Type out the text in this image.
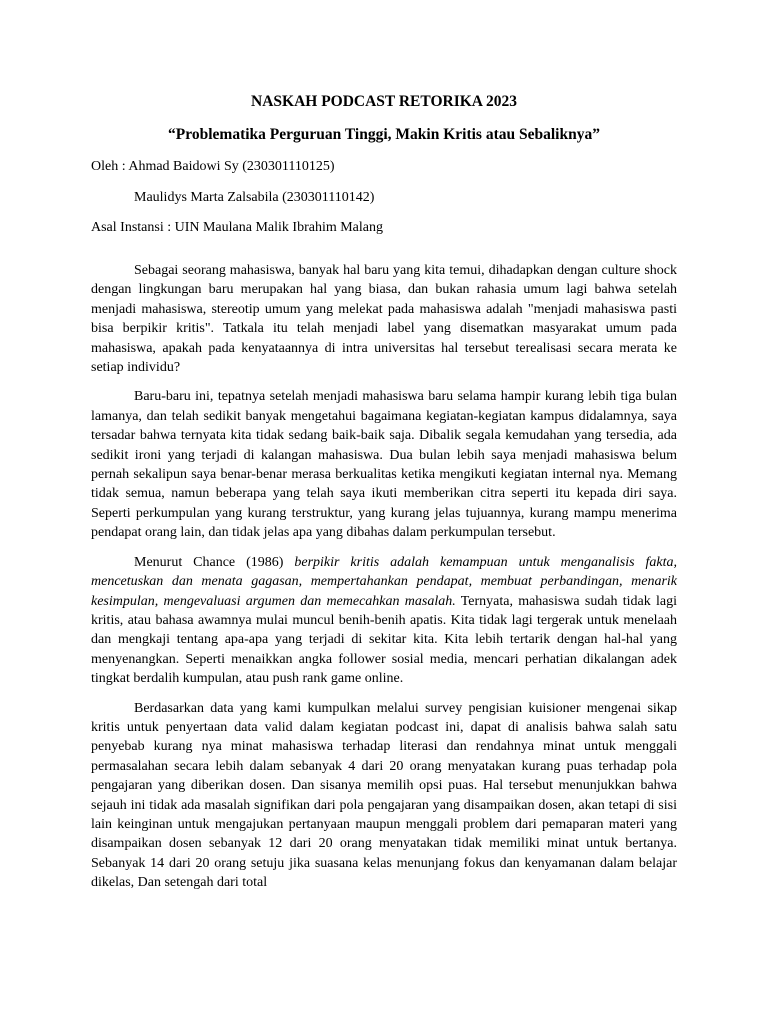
NASKAH PODCAST RETORIKA 2023
“Problematika Perguruan Tinggi, Makin Kritis atau Sebaliknya”
Oleh : Ahmad Baidowi Sy (230301110125)
Maulidys Marta Zalsabila (230301110142)
Asal Instansi : UIN Maulana Malik Ibrahim Malang

Sebagai seorang mahasiswa, banyak hal baru yang kita temui, dihadapkan dengan culture shock dengan lingkungan baru merupakan hal yang biasa, dan bukan rahasia umum lagi bahwa setelah menjadi mahasiswa, stereotip umum yang melekat pada mahasiswa adalah "menjadi mahasiswa pasti bisa berpikir kritis". Tatkala itu telah menjadi label yang disematkan masyarakat umum pada mahasiswa, apakah pada kenyataannya di intra universitas hal tersebut terealisasi secara merata ke setiap individu?

Baru-baru ini, tepatnya setelah menjadi mahasiswa baru selama hampir kurang lebih tiga bulan lamanya, dan telah sedikit banyak mengetahui bagaimana kegiatan-kegiatan kampus didalamnya, saya tersadar bahwa ternyata kita tidak sedang baik-baik saja. Dibalik segala kemudahan yang tersedia, ada sedikit ironi yang terjadi di kalangan mahasiswa. Dua bulan lebih saya menjadi mahasiswa belum pernah sekalipun saya benar-benar merasa berkualitas ketika mengikuti kegiatan internal nya. Memang tidak semua, namun beberapa yang telah saya ikuti memberikan citra seperti itu kepada diri saya. Seperti perkumpulan yang kurang terstruktur, yang kurang jelas tujuannya, kurang mampu menerima pendapat orang lain, dan tidak jelas apa yang dibahas dalam perkumpulan tersebut.

Menurut Chance (1986) berpikir kritis adalah kemampuan untuk menganalisis fakta, mencetuskan dan menata gagasan, mempertahankan pendapat, membuat perbandingan, menarik kesimpulan, mengevaluasi argumen dan memecahkan masalah. Ternyata, mahasiswa sudah tidak lagi kritis, atau bahasa awamnya mulai muncul benih-benih apatis. Kita tidak lagi tergerak untuk menelaah dan mengkaji tentang apa-apa yang terjadi di sekitar kita. Kita lebih tertarik dengan hal-hal yang menyenangkan. Seperti menaikkan angka follower sosial media, mencari perhatian dikalangan adek tingkat berdalih kumpulan, atau push rank game online.

Berdasarkan data yang kami kumpulkan melalui survey pengisian kuisioner mengenai sikap kritis untuk penyertaan data valid dalam kegiatan podcast ini, dapat di analisis bahwa salah satu penyebab kurang nya minat mahasiswa terhadap literasi dan rendahnya minat untuk menggali permasalahan secara lebih dalam sebanyak 4 dari 20 orang menyatakan kurang puas terhadap pola pengajaran yang diberikan dosen. Dan sisanya memilih opsi puas. Hal tersebut menunjukkan bahwa sejauh ini tidak ada masalah signifikan dari pola pengajaran yang disampaikan dosen, akan tetapi di sisi lain keinginan untuk mengajukan pertanyaan maupun menggali problem dari pemaparan materi yang disampaikan dosen sebanyak 12 dari 20 orang menyatakan tidak memiliki minat untuk bertanya. Sebanyak 14 dari 20 orang setuju jika suasana kelas menunjang fokus dan kenyamanan dalam belajar dikelas, Dan setengah dari total
